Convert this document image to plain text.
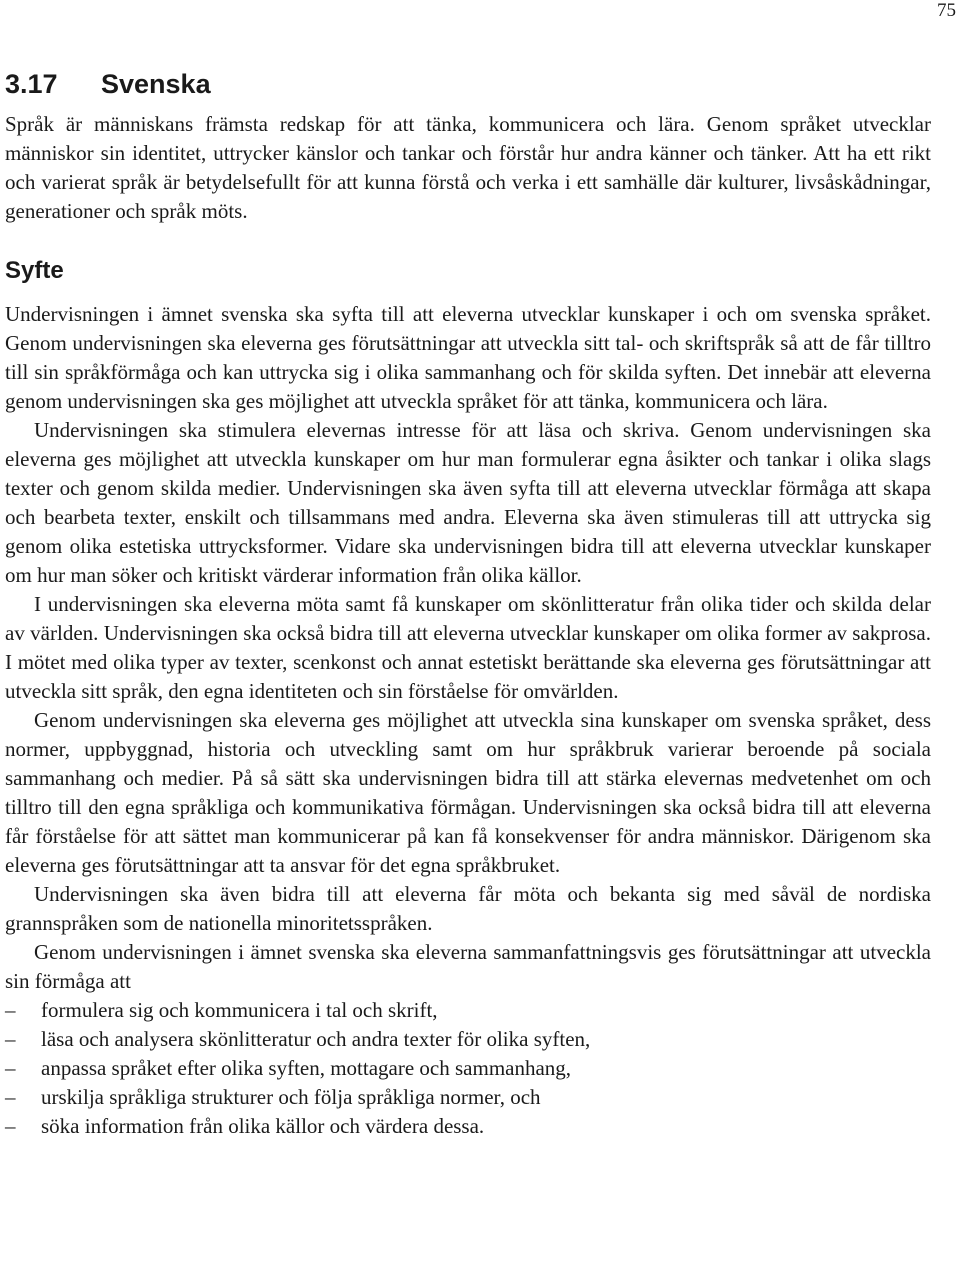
75
3.17 Svenska

Språk är människans främsta redskap för att tänka, kommunicera och lära. Genom språket utvecklar människor sin identitet, uttrycker känslor och tankar och förstår hur andra känner och tänker. Att ha ett rikt och varierat språk är betydelsefullt för att kunna förstå och verka i ett samhälle där kulturer, livsåskådningar, generationer och språk möts.

Syfte

Undervisningen i ämnet svenska ska syfta till att eleverna utvecklar kunskaper i och om svenska språket. Genom undervisningen ska eleverna ges förutsättningar att utveckla sitt tal- och skriftspråk så att de får tilltro till sin språkförmåga och kan uttrycka sig i olika sammanhang och för skilda syften. Det innebär att eleverna genom undervisningen ska ges möjlighet att utveckla språket för att tänka, kommunicera och lära.

Undervisningen ska stimulera elevernas intresse för att läsa och skriva. Genom undervisningen ska eleverna ges möjlighet att utveckla kunskaper om hur man formulerar egna åsikter och tankar i olika slags texter och genom skilda medier. Undervisningen ska även syfta till att eleverna utvecklar förmåga att skapa och bearbeta texter, enskilt och tillsammans med andra. Eleverna ska även stimuleras till att uttrycka sig genom olika estetiska uttrycksformer. Vidare ska undervisningen bidra till att eleverna utvecklar kunskaper om hur man söker och kritiskt värderar information från olika källor.

I undervisningen ska eleverna möta samt få kunskaper om skönlitteratur från olika tider och skilda delar av världen. Undervisningen ska också bidra till att eleverna utvecklar kunskaper om olika former av sakprosa. I mötet med olika typer av texter, scenkonst och annat estetiskt berättande ska eleverna ges förutsättningar att utveckla sitt språk, den egna identiteten och sin förståelse för omvärlden.

Genom undervisningen ska eleverna ges möjlighet att utveckla sina kunskaper om svenska språket, dess normer, uppbyggnad, historia och utveckling samt om hur språkbruk varierar beroende på sociala sammanhang och medier. På så sätt ska undervisningen bidra till att stärka elevernas medvetenhet om och tilltro till den egna språkliga och kommunikativa förmågan. Undervisningen ska också bidra till att eleverna får förståelse för att sättet man kommunicerar på kan få konsekvenser för andra människor. Därigenom ska eleverna ges förutsättningar att ta ansvar för det egna språkbruket.

Undervisningen ska även bidra till att eleverna får möta och bekanta sig med såväl de nordiska grannspråken som de nationella minoritetsspråken.

Genom undervisningen i ämnet svenska ska eleverna sammanfattningsvis ges förutsättningar att utveckla sin förmåga att

– formulera sig och kommunicera i tal och skrift,
– läsa och analysera skönlitteratur och andra texter för olika syften,
– anpassa språket efter olika syften, mottagare och sammanhang,
– urskilja språkliga strukturer och följa språkliga normer, och
– söka information från olika källor och värdera dessa.
